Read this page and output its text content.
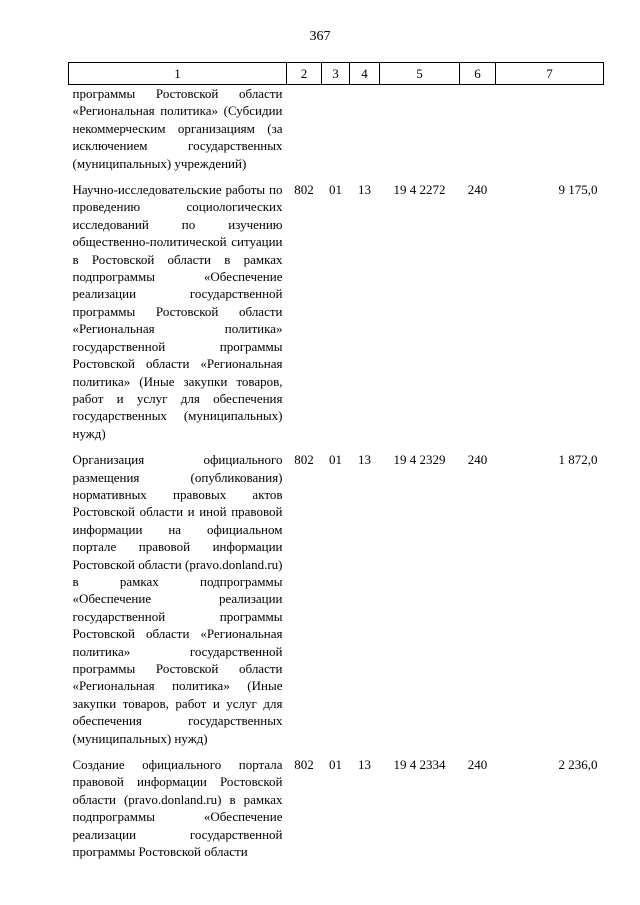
367
1	2	3	4	5	6	7
программы Ростовской области «Региональная политика» (Субсидии некоммерческим организациям (за исключением государственных (муниципальных) учреждений)						
Научно-исследовательские работы по проведению социологических исследований по изучению общественно-политической ситуации в Ростовской области в рамках подпрограммы «Обеспечение реализации государственной программы Ростовской области «Региональная политика» государственной программы Ростовской области «Региональная политика» (Иные закупки товаров, работ и услуг для обеспечения государственных (муниципальных) нужд)	802	01	13	19 4 2272	240	9 175,0
Организация официального размещения (опубликования) нормативных правовых актов Ростовской области и иной правовой информации на официальном портале правовой информации Ростовской области (pravo.donland.ru) в рамках подпрограммы «Обеспечение реализации государственной программы Ростовской области «Региональная политика» государственной программы Ростовской области «Региональная политика» (Иные закупки товаров, работ и услуг для обеспечения государственных (муниципальных) нужд)	802	01	13	19 4 2329	240	1 872,0
Создание официального портала правовой информации Ростовской области (pravo.donland.ru) в рамках подпрограммы «Обеспечение реализации государственной программы Ростовской области	802	01	13	19 4 2334	240	2 236,0
